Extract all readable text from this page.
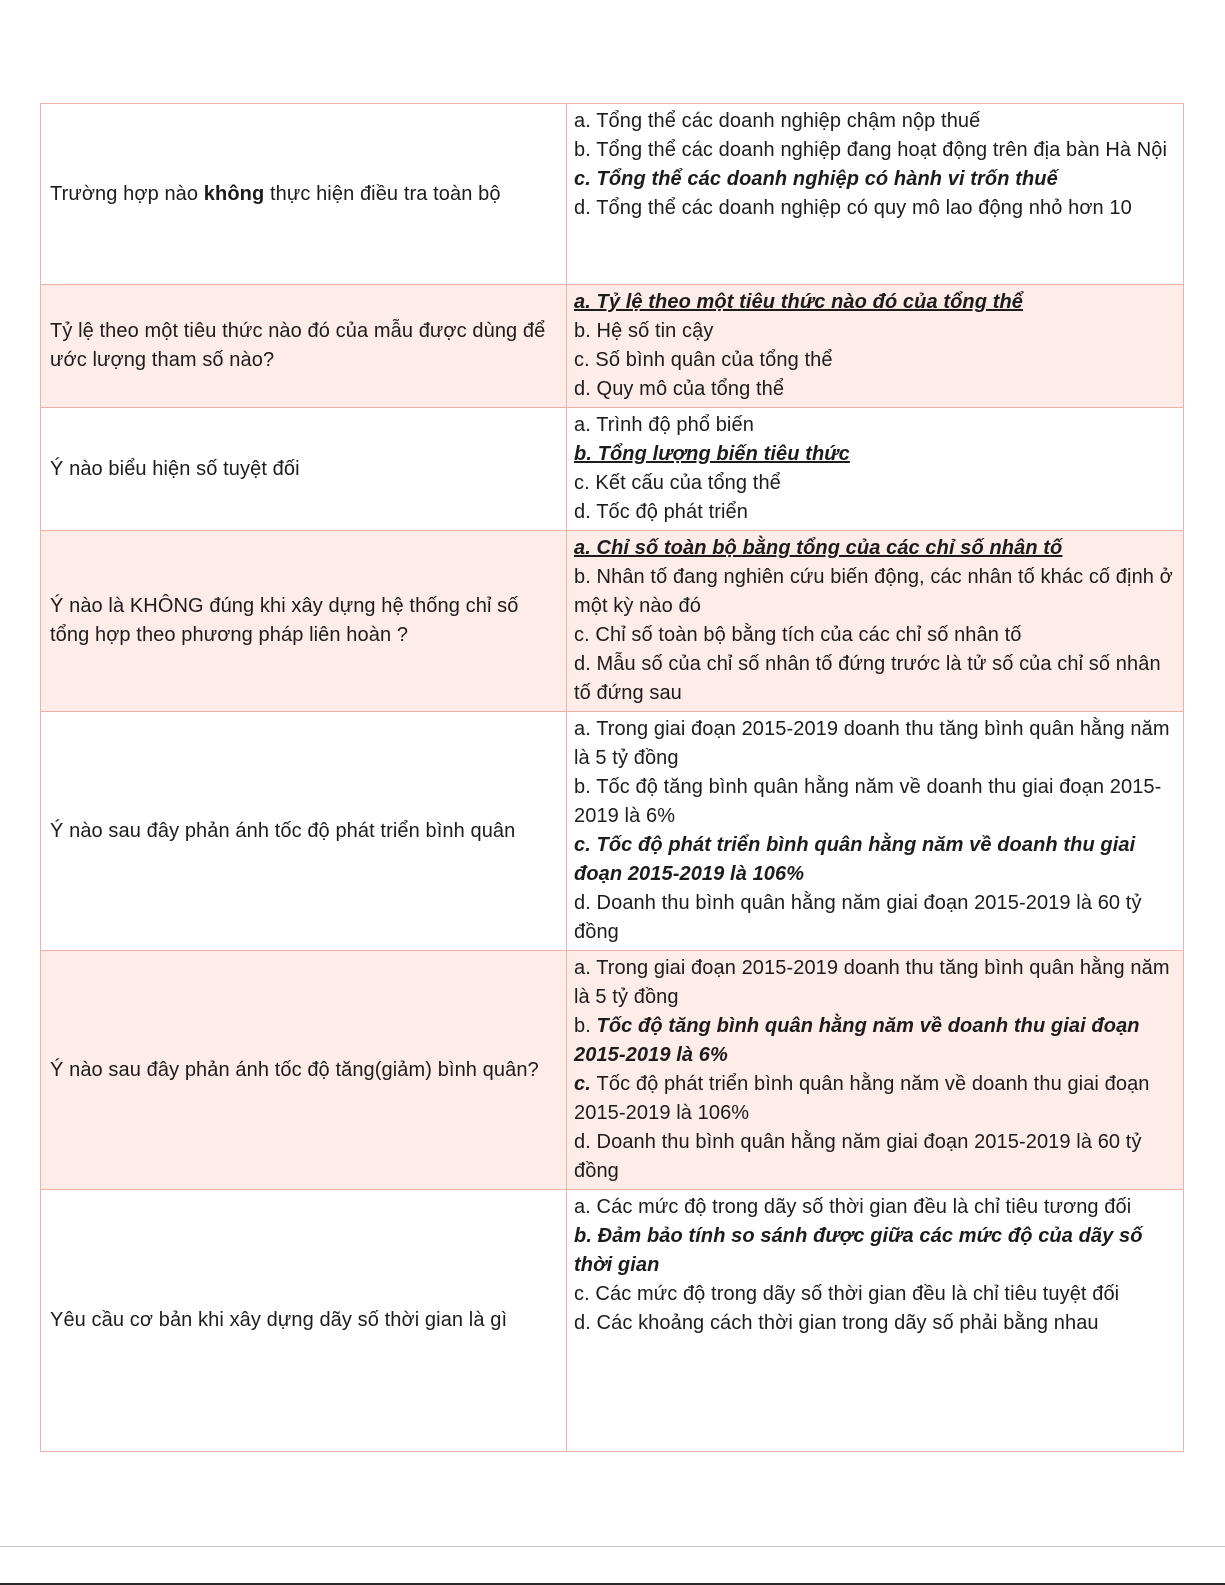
Trường hợp nào không thực hiện điều tra toàn bộ	a. Tổng thể các doanh nghiệp chậm nộp thuế
b. Tổng thể các doanh nghiệp đang hoạt động trên địa bàn Hà Nội
c. Tổng thể các doanh nghiệp có hành vi trốn thuế
d. Tổng thể các doanh nghiệp có quy mô lao động nhỏ hơn 10

Tỷ lệ theo một tiêu thức nào đó của mẫu được dùng để ước lượng tham số nào?	a. Tỷ lệ theo một tiêu thức nào đó của tổng thể
b. Hệ số tin cậy
c. Số bình quân của tổng thể
d. Quy mô của tổng thể

Ý nào biểu hiện số tuyệt đối	a. Trình độ phổ biến
b. Tổng lượng biến tiêu thức
c. Kết cấu của tổng thể
d. Tốc độ phát triển

Ý nào là KHÔNG đúng khi xây dựng hệ thống chỉ số tổng hợp theo phương pháp liên hoàn ?	a. Chỉ số toàn bộ bằng tổng của các chỉ số nhân tố
b. Nhân tố đang nghiên cứu biến động, các nhân tố khác cố định ở một kỳ nào đó
c. Chỉ số toàn bộ bằng tích của các chỉ số nhân tố
d. Mẫu số của chỉ số nhân tố đứng trước là tử số của chỉ số nhân tố đứng sau

Ý nào sau đây phản ánh tốc độ phát triển bình quân	a. Trong giai đoạn 2015-2019 doanh thu tăng bình quân hằng năm là 5 tỷ đồng
b. Tốc độ tăng bình quân hằng năm về doanh thu giai đoạn 2015-2019 là 6%
c. Tốc độ phát triển bình quân hằng năm về doanh thu giai đoạn 2015-2019 là 106%
d. Doanh thu bình quân hằng năm giai đoạn 2015-2019 là 60 tỷ đồng

Ý nào sau đây phản ánh tốc độ tăng(giảm) bình quân?	a. Trong giai đoạn 2015-2019 doanh thu tăng bình quân hằng năm là 5 tỷ đồng
b. Tốc độ tăng bình quân hằng năm về doanh thu giai đoạn 2015-2019 là 6%
c. Tốc độ phát triển bình quân hằng năm về doanh thu giai đoạn 2015-2019 là 106%
d. Doanh thu bình quân hằng năm giai đoạn 2015-2019 là 60 tỷ đồng

Yêu cầu cơ bản khi xây dựng dãy số thời gian là gì	a. Các mức độ trong dãy số thời gian đều là chỉ tiêu tương đối
b. Đảm bảo tính so sánh được giữa các mức độ của dãy số thời gian
c. Các mức độ trong dãy số thời gian đều là chỉ tiêu tuyệt đối
d. Các khoảng cách thời gian trong dãy số phải bằng nhau
